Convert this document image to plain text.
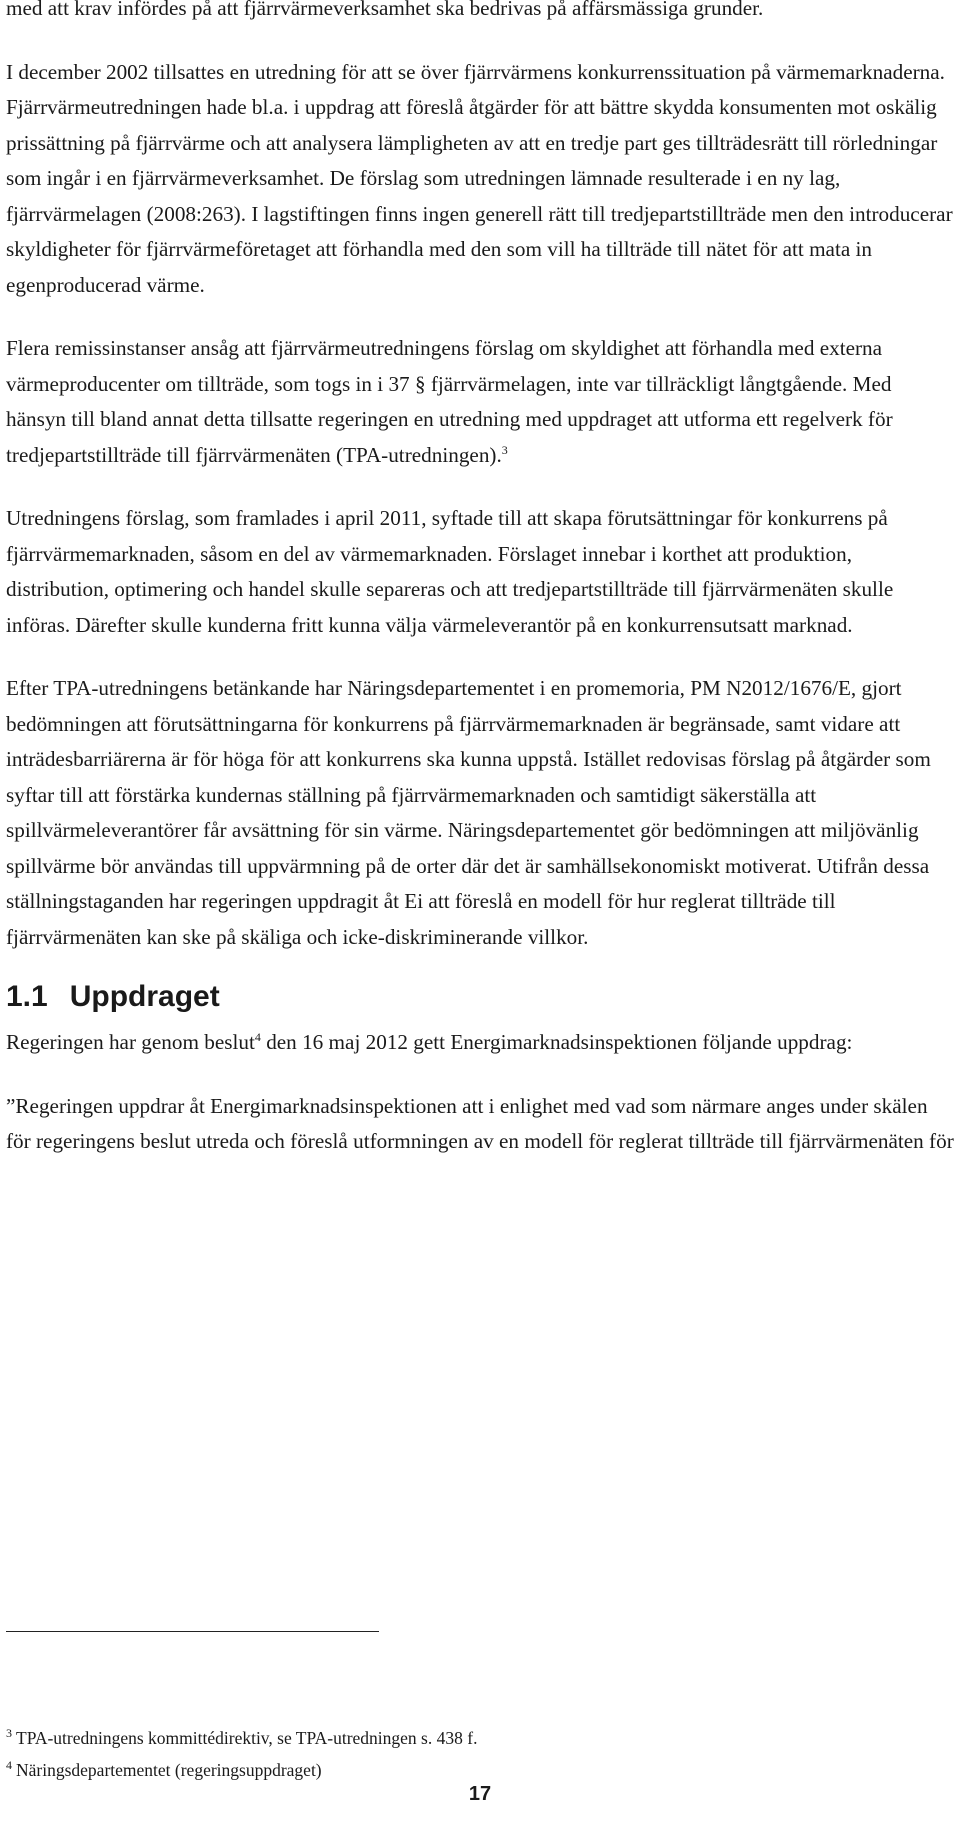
med att krav infördes på att fjärrvärmeverksamhet ska bedrivas på affärsmässiga grunder.

I december 2002 tillsattes en utredning för att se över fjärrvärmens konkurrenssituation på värmemarknaderna. Fjärrvärmeutredningen hade bl.a. i uppdrag att föreslå åtgärder för att bättre skydda konsumenten mot oskälig prissättning på fjärrvärme och att analysera lämpligheten av att en tredje part ges tillträdesrätt till rörledningar som ingår i en fjärrvärmeverksamhet. De förslag som utredningen lämnade resulterade i en ny lag, fjärrvärmelagen (2008:263). I lagstiftingen finns ingen generell rätt till tredjepartstillträde men den introducerar skyldigheter för fjärrvärmeföretaget att förhandla med den som vill ha tillträde till nätet för att mata in egenproducerad värme.

Flera remissinstanser ansåg att fjärrvärmeutredningens förslag om skyldighet att förhandla med externa värmeproducenter om tillträde, som togs in i 37 § fjärrvärmelagen, inte var tillräckligt långtgående. Med hänsyn till bland annat detta tillsatte regeringen en utredning med uppdraget att utforma ett regelverk för tredjepartstillträde till fjärrvärmenäten (TPA-utredningen).$^3$

Utredningens förslag, som framlades i april 2011, syftade till att skapa förutsättningar för konkurrens på fjärrvärmemarknaden, såsom en del av värmemarknaden. Förslaget innebar i korthet att produktion, distribution, optimering och handel skulle separeras och att tredjepartstillträde till fjärrvärmenäten skulle införas. Därefter skulle kunderna fritt kunna välja värmeleverantör på en konkurrensutsatt marknad.

Efter TPA-utredningens betänkande har Näringsdepartementet i en promemoria, PM N2012/1676/E, gjort bedömningen att förutsättningarna för konkurrens på fjärrvärmemarknaden är begränsade, samt vidare att inträdesbarriärerna är för höga för att konkurrens ska kunna uppstå. Istället redovisas förslag på åtgärder som syftar till att förstärka kundernas ställning på fjärrvärmemarknaden och samtidigt säkerställa att spillvärmeleverantörer får avsättning för sin värme. Näringsdepartementet gör bedömningen att miljövänlig spillvärme bör användas till uppvärmning på de orter där det är samhällsekonomiskt motiverat. Utifrån dessa ställningstaganden har regeringen uppdragit åt Ei att föreslå en modell för hur reglerat tillträde till fjärrvärmenäten kan ske på skäliga och icke-diskriminerande villkor.

1.1 Uppdraget

Regeringen har genom beslut$^4$ den 16 maj 2012 gett Energimarknadsinspektionen följande uppdrag:

”Regeringen uppdrar åt Energimarknadsinspektionen att i enlighet med vad som närmare anges under skälen för regeringens beslut utreda och föreslå utformningen av en modell för reglerat tillträde till fjärrvärmenäten för

$^3$ TPA-utredningens kommittédirektiv, se TPA-utredningen s. 438 f.

$^4$ Näringsdepartementet (regeringsuppdraget)

17
